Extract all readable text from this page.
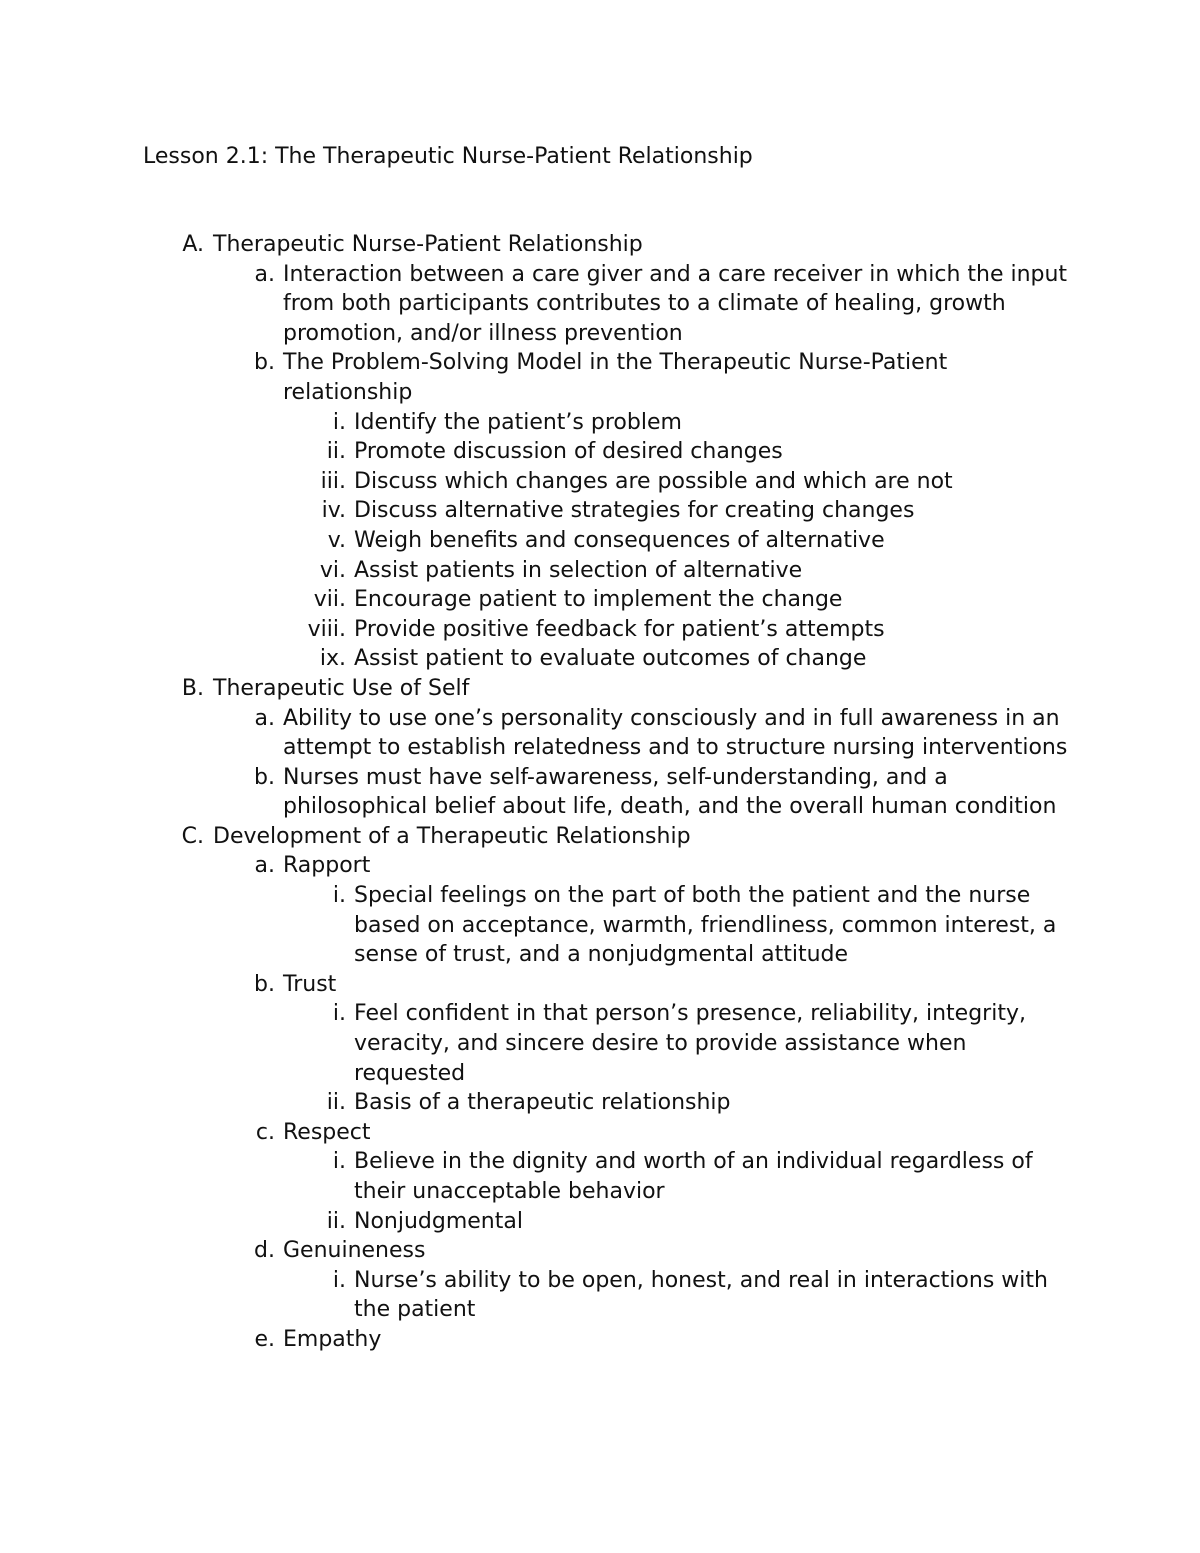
Lesson 2.1: The Therapeutic Nurse-Patient Relationship
A. Therapeutic Nurse-Patient Relationship
a. Interaction between a care giver and a care receiver in which the input from both participants contributes to a climate of healing, growth promotion, and/or illness prevention
b. The Problem-Solving Model in the Therapeutic Nurse-Patient relationship
i. Identify the patient’s problem
ii. Promote discussion of desired changes
iii. Discuss which changes are possible and which are not
iv. Discuss alternative strategies for creating changes
v. Weigh benefits and consequences of alternative
vi. Assist patients in selection of alternative
vii. Encourage patient to implement the change
viii. Provide positive feedback for patient’s attempts
ix. Assist patient to evaluate outcomes of change
B. Therapeutic Use of Self
a. Ability to use one’s personality consciously and in full awareness in an attempt to establish relatedness and to structure nursing interventions
b. Nurses must have self-awareness, self-understanding, and a philosophical belief about life, death, and the overall human condition
C. Development of a Therapeutic Relationship
a. Rapport
i. Special feelings on the part of both the patient and the nurse based on acceptance, warmth, friendliness, common interest, a sense of trust, and a nonjudgmental attitude
b. Trust
i. Feel confident in that person’s presence, reliability, integrity, veracity, and sincere desire to provide assistance when requested
ii. Basis of a therapeutic relationship
c. Respect
i. Believe in the dignity and worth of an individual regardless of their unacceptable behavior
ii. Nonjudgmental
d. Genuineness
i. Nurse’s ability to be open, honest, and real in interactions with the patient
e. Empathy
